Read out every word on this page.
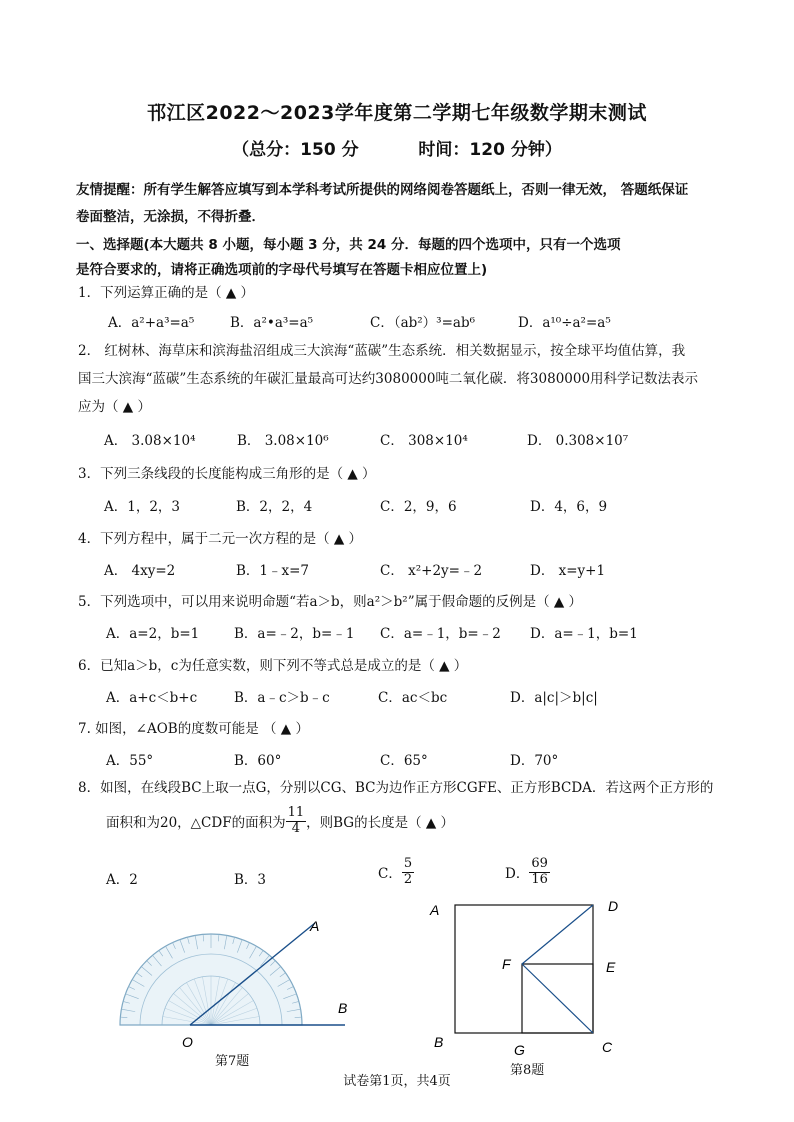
邗江区2022～2023学年度第二学期七年级数学期末测试
（总分：150 分	时间：120 分钟）
友情提醒：所有学生解答应填写到本学科考试所提供的网络阅卷答题纸上，否则一律无效， 答题纸保证
卷面整洁，无涂损，不得折叠．
一、选择题(本大题共 8 小题，每小题 3 分，共 24 分．每题的四个选项中，只有一个选项
是符合要求的，请将正确选项前的字母代号填写在答题卡相应位置上)
1．下列运算正确的是（ ▲ ）
A．a²+a³=a⁵	B．a²•a³=a⁵	C．（ab²）³=ab⁶	D．a¹⁰÷a²=a⁵
2． 红树林、海草床和滨海盐沼组成三大滨海“蓝碳”生态系统．相关数据显示，按全球平均值估算，我
国三大滨海“蓝碳”生态系统的年碳汇量最高可达约3080000吨二氧化碳．将3080000用科学记数法表示
应为（ ▲ ）
A． 3.08×10⁴	B． 3.08×10⁶	C． 308×10⁴	D． 0.308×10⁷
3．下列三条线段的长度能构成三角形的是（ ▲ ）
A．1，2，3	B．2，2，4	C．2，9，6	D．4，6，9
4．下列方程中，属于二元一次方程的是（ ▲ ）
A． 4xy=2	B．1﹣x=7	C． x²+2y=﹣2	D． x=y+1
5．下列选项中，可以用来说明命题“若a＞b，则a²＞b²”属于假命题的反例是（ ▲ ）
A．a=2，b=1	B．a=﹣2，b=﹣1 C．a=﹣1，b=﹣2 D．a=﹣1，b=1
6．已知a＞b，c为任意实数，则下列不等式总是成立的是（ ▲ ）
A．a+c＜b+c	B．a﹣c＞b﹣c	C．ac＜bc	D．a|c|＞b|c|
7. 如图，∠AOB的度数可能是 （ ▲ ）
A．55°	B．60°	C．65°	D．70°
8．如图，在线段BC上取一点G，分别以CG、BC为边作正方形CGFE、正方形BCDA．若这两个正方形的
面积和为20，△CDF的面积为 $\frac{11}{4}$ ，则BG的长度是（ ▲ ）
A．2	B．3	C． $\frac{5}{2}$	D． $\frac{69}{16}$
A
B
O
第7题
A	D
F	E
B	G	C
第8题
试卷第1页，共4页
